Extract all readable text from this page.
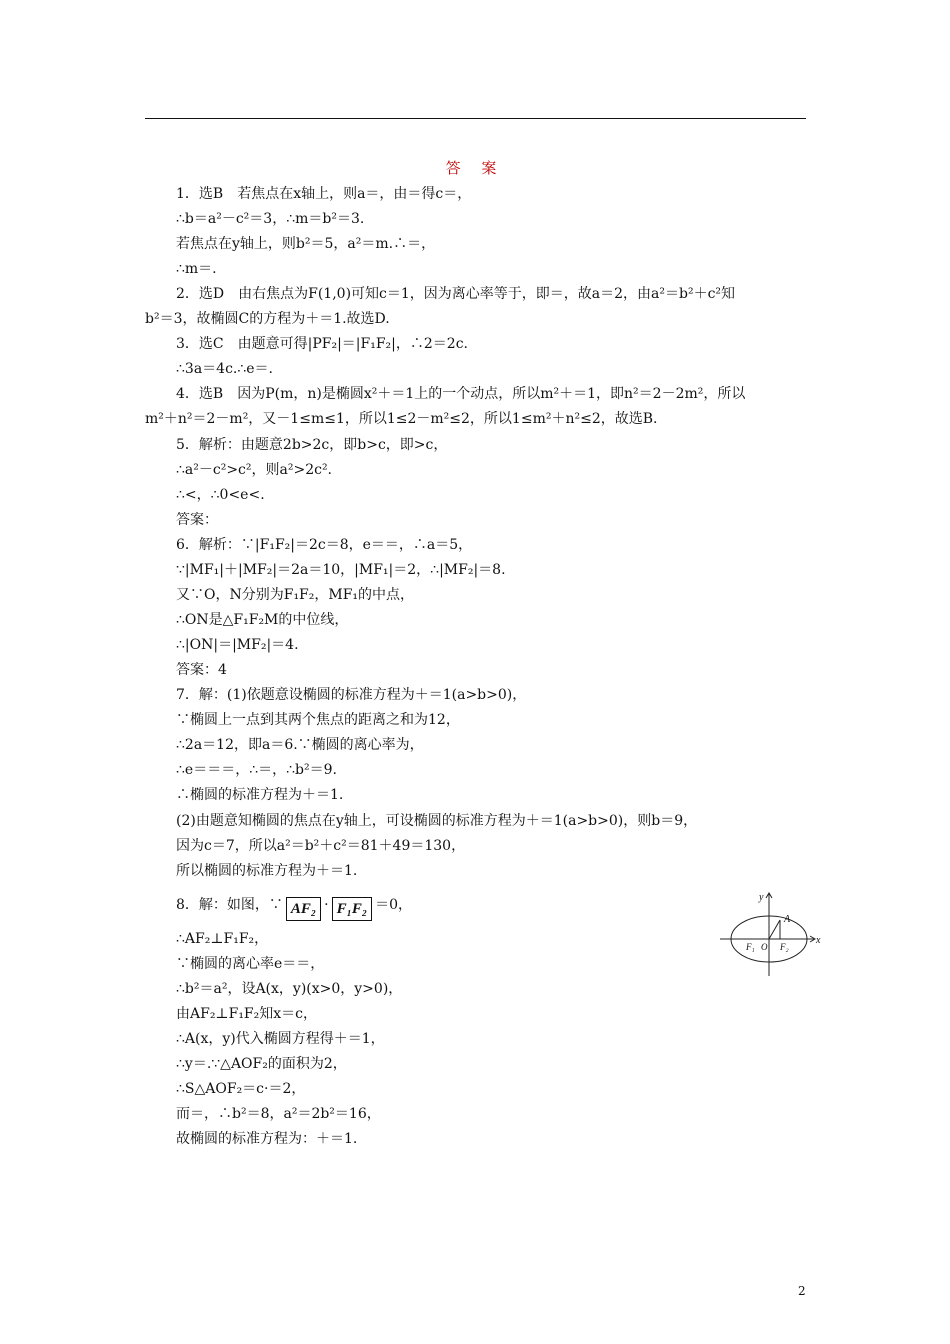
答 案
1．选B　若焦点在x轴上，则a＝，由＝得c＝，
∴b＝a²－c²＝3，∴m＝b²＝3.
若焦点在y轴上，则b²＝5，a²＝m.∴＝，
∴m＝.
2．选D　由右焦点为F(1,0)可知c＝1，因为离心率等于，即＝，故a＝2，由a²＝b²＋c²知
b²＝3，故椭圆C的方程为＋＝1.故选D.
3．选C　由题意可得|PF₂|＝|F₁F₂|，∴2＝2c.
∴3a＝4c.∴e＝.
4．选B　因为P(m，n)是椭圆x²＋＝1上的一个动点，所以m²＋＝1，即n²＝2－2m²，所以
m²＋n²＝2－m²，又－1≤m≤1，所以1≤2－m²≤2，所以1≤m²＋n²≤2，故选B.
5．解析：由题意2b>2c，即b>c，即>c，
∴a²－c²>c²，则a²>2c².
∴<，∴0<e<.
答案：
6．解析：∵|F₁F₂|＝2c＝8，e＝＝，∴a＝5，
∵|MF₁|＋|MF₂|＝2a＝10，|MF₁|＝2，∴|MF₂|＝8.
又∵O，N分别为F₁F₂，MF₁的中点，
∴ON是△F₁F₂M的中位线，
∴|ON|＝|MF₂|＝4.
答案：4
7．解：(1)依题意设椭圆的标准方程为＋＝1(a>b>0)，
∵椭圆上一点到其两个焦点的距离之和为12，
∴2a＝12，即a＝6.∵椭圆的离心率为，
∴e＝＝＝，∴＝，∴b²＝9.
∴椭圆的标准方程为＋＝1.
(2)由题意知椭圆的焦点在y轴上，可设椭圆的标准方程为＋＝1(a>b>0)，则b＝9，
因为c＝7，所以a²＝b²＋c²＝81＋49＝130，
所以椭圆的标准方程为＋＝1.
8．解：如图，∵ AF₂ · F₁F₂ ＝0，
∴AF₂⊥F₁F₂，
∵椭圆的离心率e＝＝，
∴b²＝a²，设A(x，y)(x>0，y>0)，
由AF₂⊥F₁F₂知x＝c，
∴A(x，y)代入椭圆方程得＋＝1，
∴y＝.∵△AOF₂的面积为2，
∴S△AOF₂＝c·＝2，
而＝，∴b²＝8，a²＝2b²＝16，
故椭圆的标准方程为：＋＝1.
y
x
A
F₁ O F₂
2
